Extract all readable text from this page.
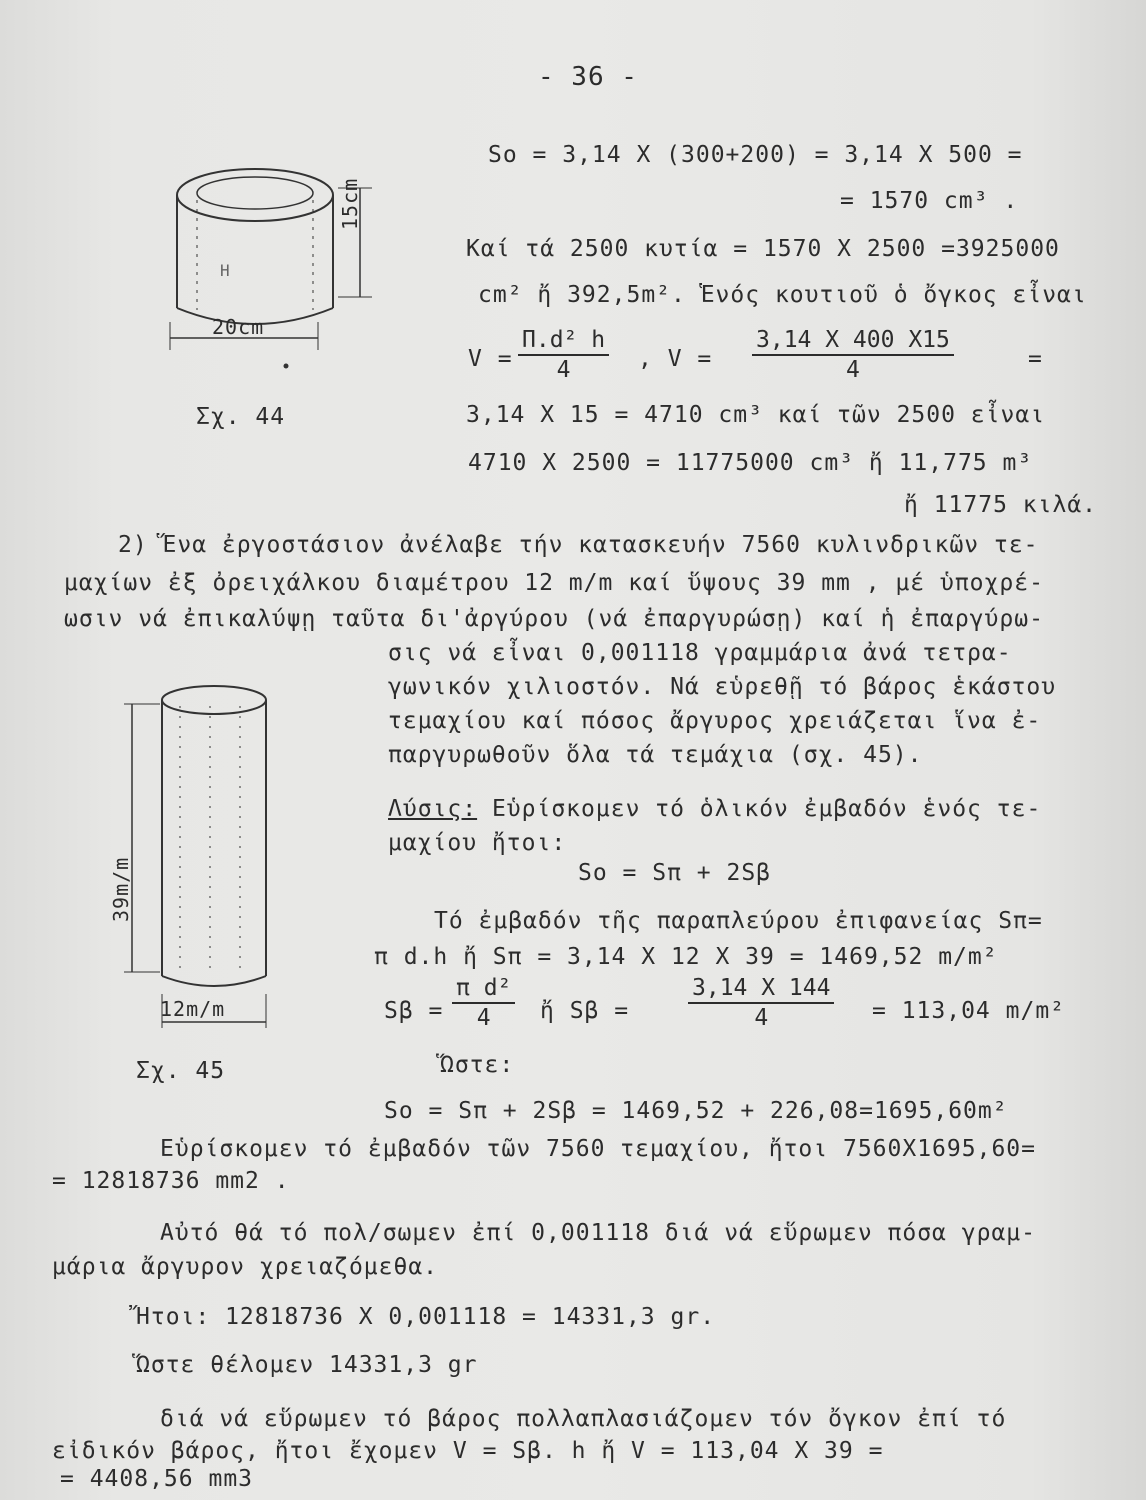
- 36 -
20cm
15cm
H
Σχ. 44
So = 3,14 X (300+200) = 3,14 X 500 =
= 1570 cm³ .
Καί τά 2500 κυτία = 1570 X 2500 =3925000
cm² ἤ 392,5m². Ἑνός κουτιοῦ ὁ ὄγκος εἶναι
$V = \frac{\text{Π.d² h}}{4}$ , $V = \frac{3,14 X 400 X15}{4}$	=
3,14 X 15 = 4710 cm³ καί τῶν 2500 εἶναι
4710 X 2500 = 11775000 cm³ ἤ 11,775 m³
ἤ 11775 κιλά.
2) Ἕνα ἐργοστάσιον ἀνέλαβε τήν κατασκευήν 7560 κυλινδρικῶν τε-
μαχίων ἐξ ὀρειχάλκου διαμέτρου 12 m/m καί ὕψους 39 mm , μέ ὑποχρέ-
ωσιν νά ἐπικαλύψῃ ταῦτα δι'ἀργύρου (νά ἐπαργυρώσῃ) καί ἡ ἐπαργύρω-
σις νά εἶναι 0,001118 γραμμάρια ἀνά τετρα-
γωνικόν χιλιοστόν. Νά εὑρεθῇ τό βάρος ἑκάστου
τεμαχίου καί πόσος ἄργυρος χρειάζεται ἵνα ἐ-
παργυρωθοῦν ὅλα τά τεμάχια (σχ. 45).
39m/m
12m/m
Σχ. 45
Λύσις: Εὑρίσκομεν τό ὁλικόν ἐμβαδόν ἑνός τε-
μαχίου ἤτοι:
So = Sπ + 2Sβ
Τό ἐμβαδόν τῆς παραπλεύρου ἐπιφανείας Sπ=
π d.h ἤ Sπ = 3,14 X 12 X 39 = 1469,52 m/m²
$S\beta = \frac{\text{π d²}}{4}$ ἤ Sβ =	$\frac{3,14 X 144}{4} = 113,04$ m/m²
Ὥστε:
So = Sπ + 2Sβ = 1469,52 + 226,08=1695,60m²
Εὑρίσκομεν τό ἐμβαδόν τῶν 7560 τεμαχίου, ἤτοι 7560X1695,60=
= 12818736 mm2 .
Αὐτό θά τό πολ/σωμεν ἐπί 0,001118 διά νά εὕρωμεν πόσα γραμ-
μάρια ἄργυρον χρειαζόμεθα.
Ἤτοι: 12818736 X 0,001118 = 14331,3 gr.
Ὥστε θέλομεν 14331,3 gr
διά νά εὕρωμεν τό βάρος πολλαπλασιάζομεν τόν ὄγκον ἐπί τό
εἰδικόν βάρος, ἤτοι ἔχομεν V = Sβ. h ἤ V = 113,04 X 39 =
= 4408,56 mm3
